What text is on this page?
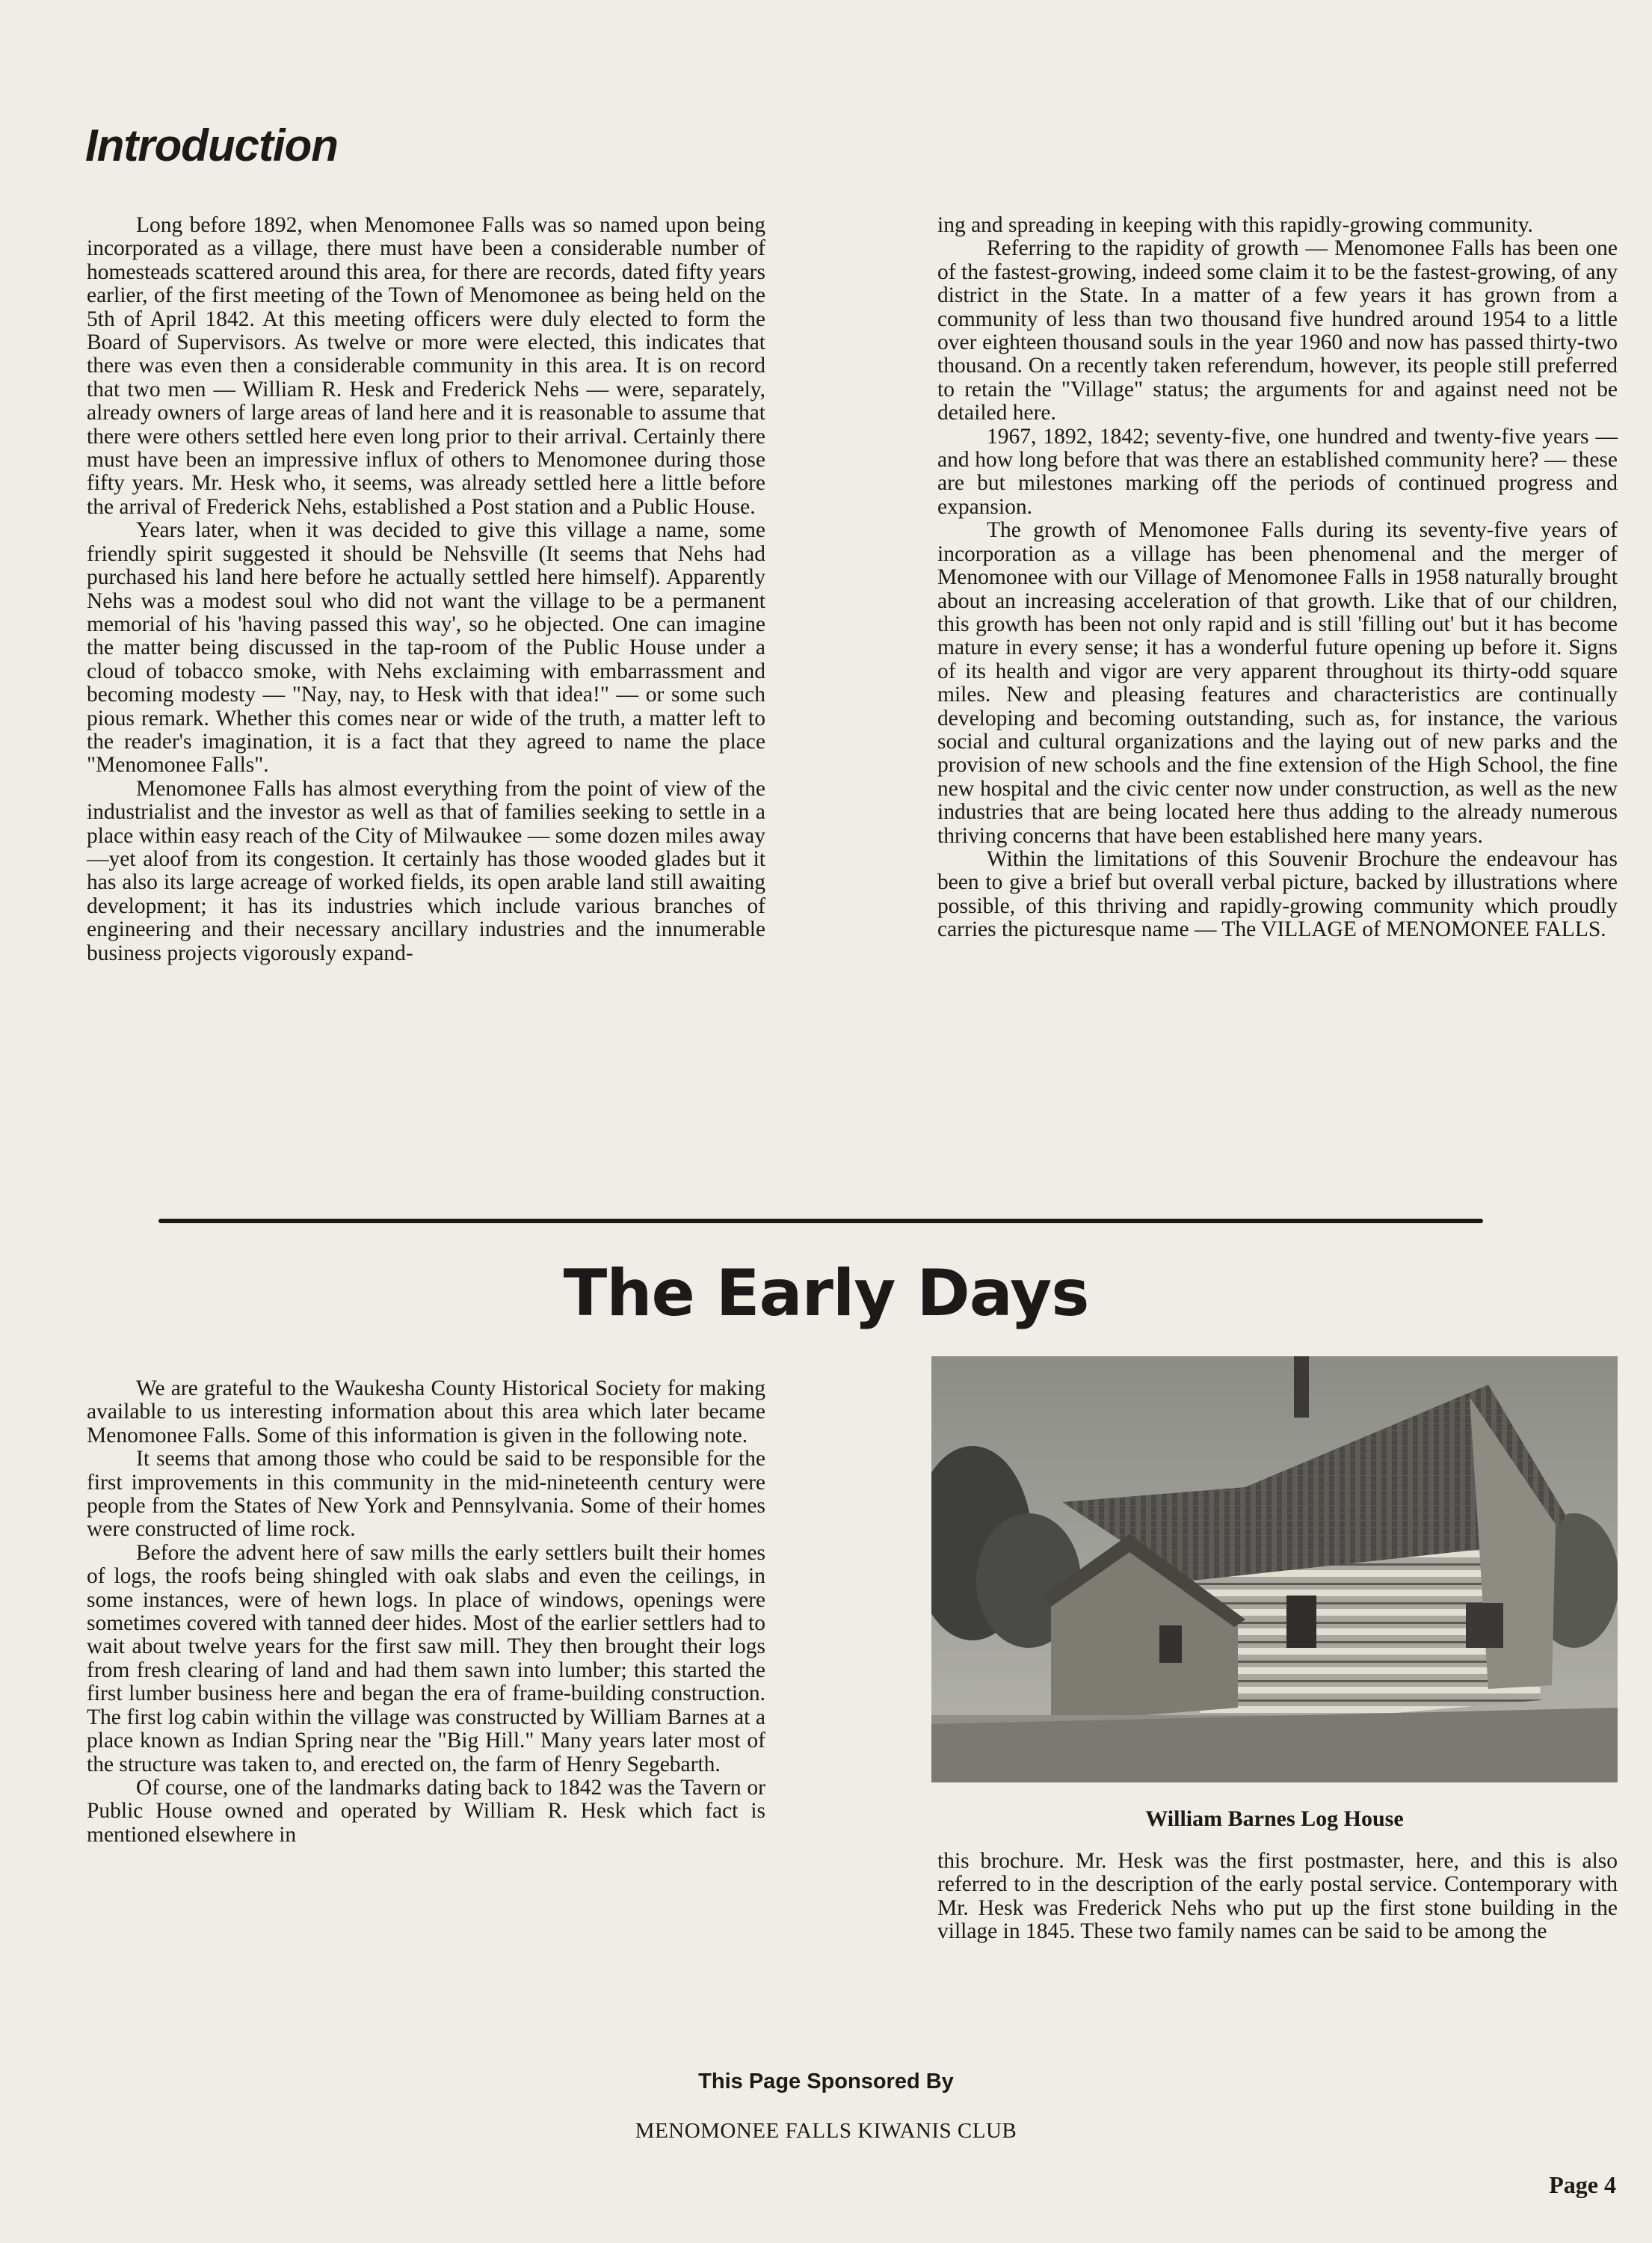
Introduction

Long before 1892, when Menomonee Falls was so named upon being incorporated as a village, there must have been a considerable number of homesteads scattered around this area, for there are records, dated fifty years earlier, of the first meeting of the Town of Menomonee as being held on the 5th of April 1842. At this meeting officers were duly elected to form the Board of Supervisors. As twelve or more were elected, this indicates that there was even then a considerable community in this area. It is on record that two men — William R. Hesk and Frederick Nehs — were, separately, already owners of large areas of land here and it is reasonable to assume that there were others settled here even long prior to their arrival. Certainly there must have been an impressive influx of others to Menomonee during those fifty years. Mr. Hesk who, it seems, was already settled here a little before the arrival of Frederick Nehs, established a Post station and a Public House.

Years later, when it was decided to give this village a name, some friendly spirit suggested it should be Nehsville (It seems that Nehs had purchased his land here before he actually settled here himself). Apparently Nehs was a modest soul who did not want the village to be a permanent memorial of his 'having passed this way', so he objected. One can imagine the matter being discussed in the tap-room of the Public House under a cloud of tobacco smoke, with Nehs exclaiming with embarrassment and becoming modesty — "Nay, nay, to Hesk with that idea!" — or some such pious remark. Whether this comes near or wide of the truth, a matter left to the reader's imagination, it is a fact that they agreed to name the place "Menomonee Falls".

Menomonee Falls has almost everything from the point of view of the industrialist and the investor as well as that of families seeking to settle in a place within easy reach of the City of Milwaukee — some dozen miles away—yet aloof from its congestion. It certainly has those wooded glades but it has also its large acreage of worked fields, its open arable land still awaiting development; it has its industries which include various branches of engineering and their necessary ancillary industries and the innumerable business projects vigorously expand-

ing and spreading in keeping with this rapidly-growing community.

Referring to the rapidity of growth — Menomonee Falls has been one of the fastest-growing, indeed some claim it to be the fastest-growing, of any district in the State. In a matter of a few years it has grown from a community of less than two thousand five hundred around 1954 to a little over eighteen thousand souls in the year 1960 and now has passed thirty-two thousand. On a recently taken referendum, however, its people still preferred to retain the "Village" status; the arguments for and against need not be detailed here.

1967, 1892, 1842; seventy-five, one hundred and twenty-five years — and how long before that was there an established community here? — these are but milestones marking off the periods of continued progress and expansion.

The growth of Menomonee Falls during its seventy-five years of incorporation as a village has been phenomenal and the merger of Menomonee with our Village of Menomonee Falls in 1958 naturally brought about an increasing acceleration of that growth. Like that of our children, this growth has been not only rapid and is still 'filling out' but it has become mature in every sense; it has a wonderful future opening up before it. Signs of its health and vigor are very apparent throughout its thirty-odd square miles. New and pleasing features and characteristics are continually developing and becoming outstanding, such as, for instance, the various social and cultural organizations and the laying out of new parks and the provision of new schools and the fine extension of the High School, the fine new hospital and the civic center now under construction, as well as the new industries that are being located here thus adding to the already numerous thriving concerns that have been established here many years.

Within the limitations of this Souvenir Brochure the endeavour has been to give a brief but overall verbal picture, backed by illustrations where possible, of this thriving and rapidly-growing community which proudly carries the picturesque name — The VILLAGE of MENOMONEE FALLS.

The Early Days

We are grateful to the Waukesha County Historical Society for making available to us interesting information about this area which later became Menomonee Falls. Some of this information is given in the following note.

It seems that among those who could be said to be responsible for the first improvements in this community in the mid-nineteenth century were people from the States of New York and Pennsylvania. Some of their homes were constructed of lime rock.

Before the advent here of saw mills the early settlers built their homes of logs, the roofs being shingled with oak slabs and even the ceilings, in some instances, were of hewn logs. In place of windows, openings were sometimes covered with tanned deer hides. Most of the earlier settlers had to wait about twelve years for the first saw mill. They then brought their logs from fresh clearing of land and had them sawn into lumber; this started the first lumber business here and began the era of frame-building construction. The first log cabin within the village was constructed by William Barnes at a place known as Indian Spring near the "Big Hill." Many years later most of the structure was taken to, and erected on, the farm of Henry Segebarth.

Of course, one of the landmarks dating back to 1842 was the Tavern or Public House owned and operated by William R. Hesk which fact is mentioned elsewhere in

William Barnes Log House

this brochure. Mr. Hesk was the first postmaster, here, and this is also referred to in the description of the early postal service. Contemporary with Mr. Hesk was Frederick Nehs who put up the first stone building in the village in 1845. These two family names can be said to be among the

This Page Sponsored By

MENOMONEE FALLS KIWANIS CLUB

Page 4
